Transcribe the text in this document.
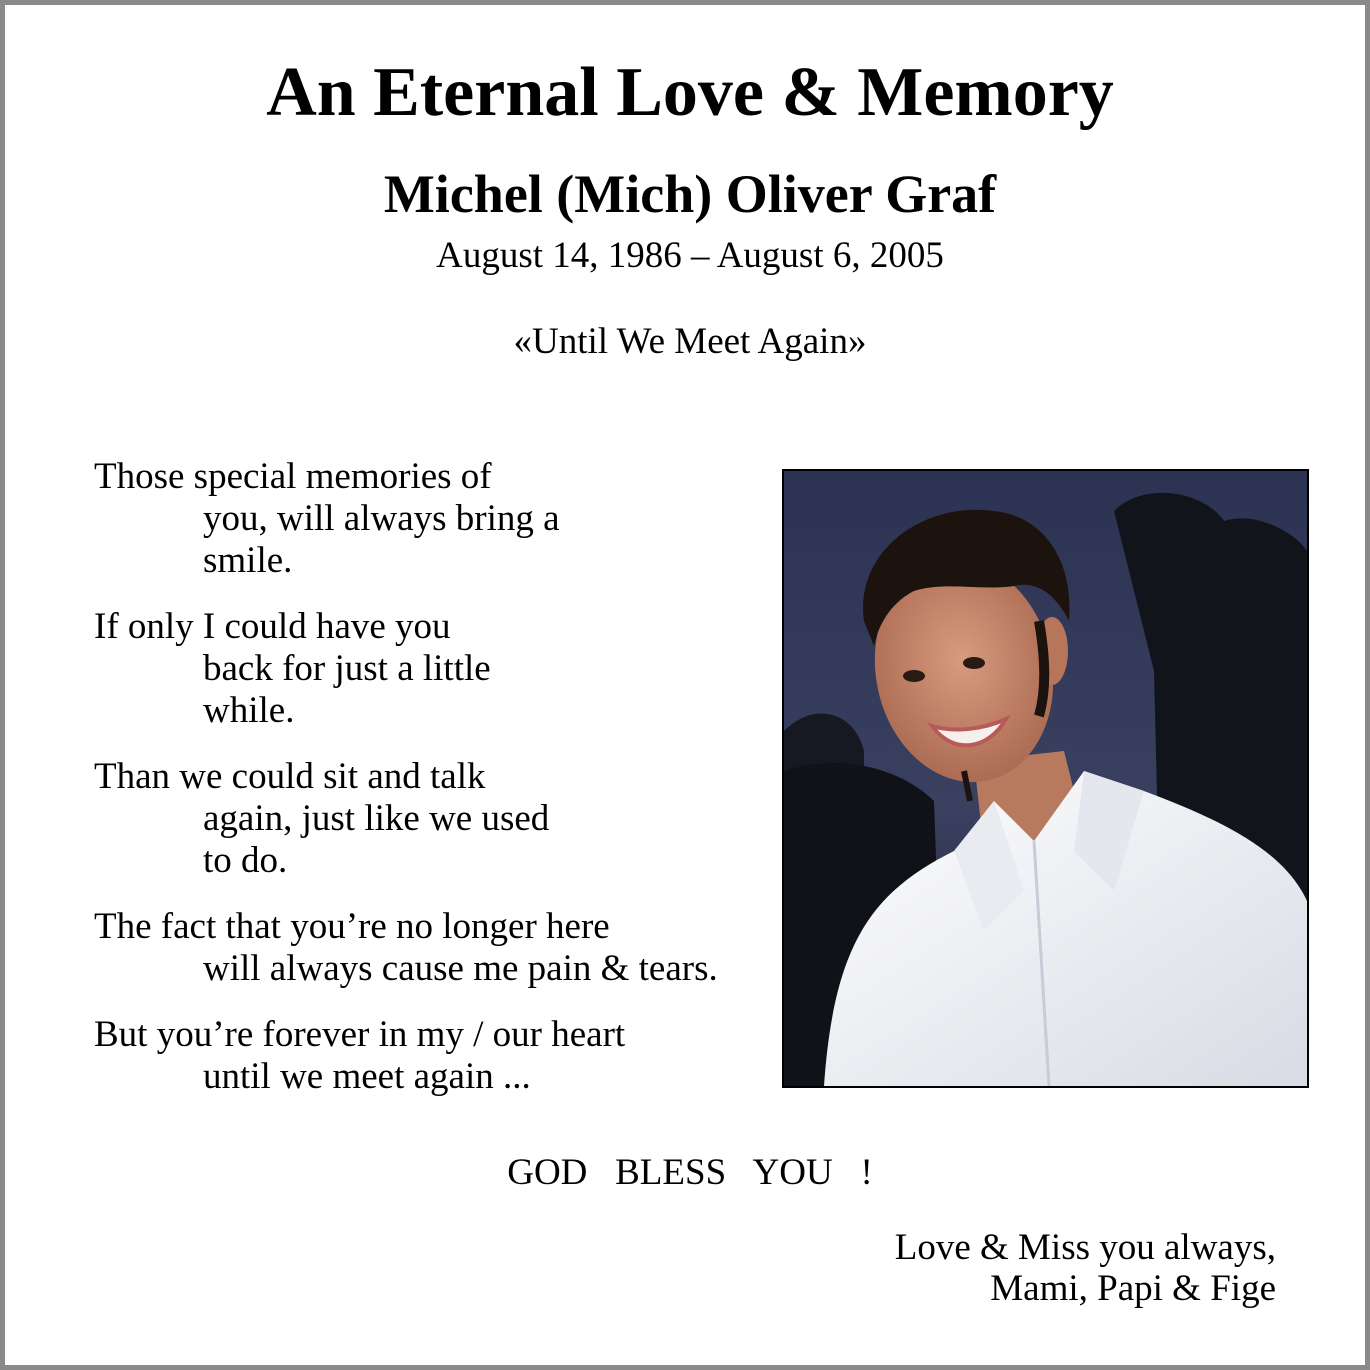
An Eternal Love & Memory
Michel (Mich) Oliver Graf
August 14, 1986 – August 6, 2005
«Until We Meet Again»
Those special memories of
you, will always bring a
smile.
If only I could have you
back for just a little
while.
Than we could sit and talk
again, just like we used
to do.
The fact that you’re no longer here
will always cause me pain & tears.
But you’re forever in my / our heart
until we meet again ...
GOD   BLESS   YOU   !
Love & Miss you always,
Mami, Papi & Fige
